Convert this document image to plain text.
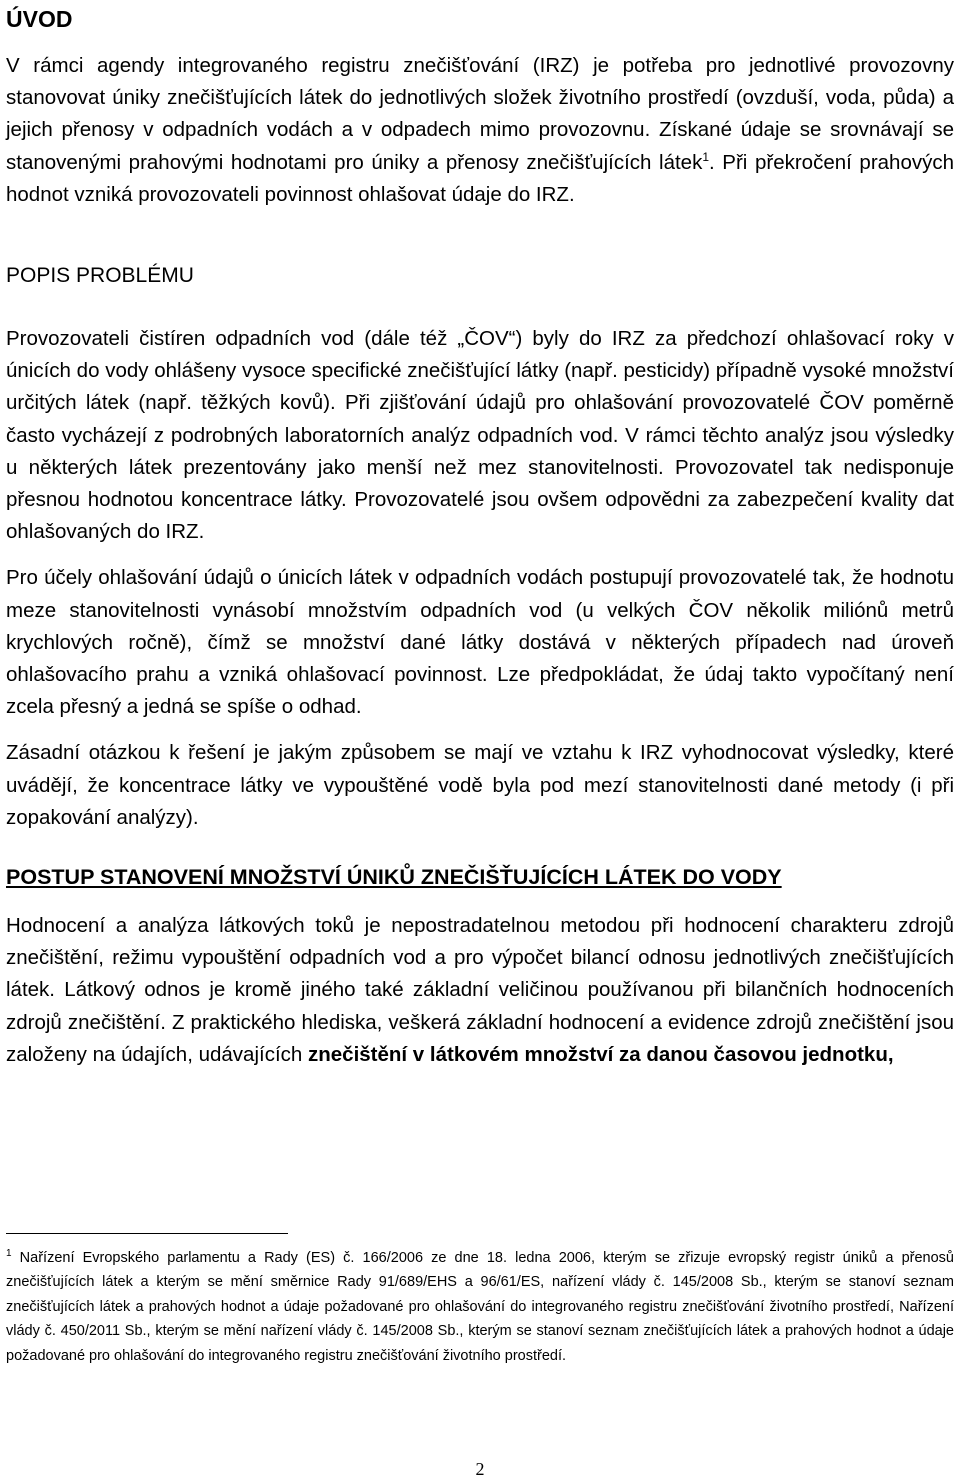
ÚVOD

V rámci agendy integrovaného registru znečišťování (IRZ) je potřeba pro jednotlivé provozovny stanovovat úniky znečišťujících látek do jednotlivých složek životního prostředí (ovzduší, voda, půda) a jejich přenosy v odpadních vodách a v odpadech mimo provozovnu. Získané údaje se srovnávají se stanovenými prahovými hodnotami pro úniky a přenosy znečišťujících látek$^1$. Při překročení prahových hodnot vzniká provozovateli povinnost ohlašovat údaje do IRZ.

POPIS PROBLÉMU

Provozovateli čistíren odpadních vod (dále též „ČOV“) byly do IRZ za předchozí ohlašovací roky v únicích do vody ohlášeny vysoce specifické znečišťující látky (např. pesticidy) případně vysoké množství určitých látek (např. těžkých kovů). Při zjišťování údajů pro ohlašování provozovatelé ČOV poměrně často vycházejí z podrobných laboratorních analýz odpadních vod. V rámci těchto analýz jsou výsledky u některých látek prezentovány jako menší než mez stanovitelnosti. Provozovatel tak nedisponuje přesnou hodnotou koncentrace látky. Provozovatelé jsou ovšem odpovědni za zabezpečení kvality dat ohlašovaných do IRZ.

Pro účely ohlašování údajů o únicích látek v odpadních vodách postupují provozovatelé tak, že hodnotu meze stanovitelnosti vynásobí množstvím odpadních vod (u velkých ČOV několik miliónů metrů krychlových ročně), čímž se množství dané látky dostává v některých případech nad úroveň ohlašovacího prahu a vzniká ohlašovací povinnost. Lze předpokládat, že údaj takto vypočítaný není zcela přesný a jedná se spíše o odhad.

Zásadní otázkou k řešení je jakým způsobem se mají ve vztahu k IRZ vyhodnocovat výsledky, které uvádějí, že koncentrace látky ve vypouštěné vodě byla pod mezí stanovitelnosti dané metody (i při zopakování analýzy).

POSTUP STANOVENÍ MNOŽSTVÍ ÚNIKŮ ZNEČIŠŤUJÍCÍCH LÁTEK DO VODY

Hodnocení a analýza látkových toků je nepostradatelnou metodou při hodnocení charakteru zdrojů znečištění, režimu vypouštění odpadních vod a pro výpočet bilancí odnosu jednotlivých znečišťujících látek. Látkový odnos je kromě jiného také základní veličinou používanou při bilančních hodnoceních zdrojů znečištění. Z praktického hlediska, veškerá základní hodnocení a evidence zdrojů znečištění jsou založeny na údajích, udávajících znečištění v látkovém množství za danou časovou jednotku,

$^1$ Nařízení Evropského parlamentu a Rady (ES) č. 166/2006 ze dne 18. ledna 2006, kterým se zřizuje evropský registr úniků a přenosů znečišťujících látek a kterým se mění směrnice Rady 91/689/EHS a 96/61/ES, nařízení vlády č. 145/2008 Sb., kterým se stanoví seznam znečišťujících látek a prahových hodnot a údaje požadované pro ohlašování do integrovaného registru znečišťování životního prostředí, Nařízení vlády č. 450/2011 Sb., kterým se mění nařízení vlády č. 145/2008 Sb., kterým se stanoví seznam znečišťujících látek a prahových hodnot a údaje požadované pro ohlašování do integrovaného registru znečišťování životního prostředí.

2
